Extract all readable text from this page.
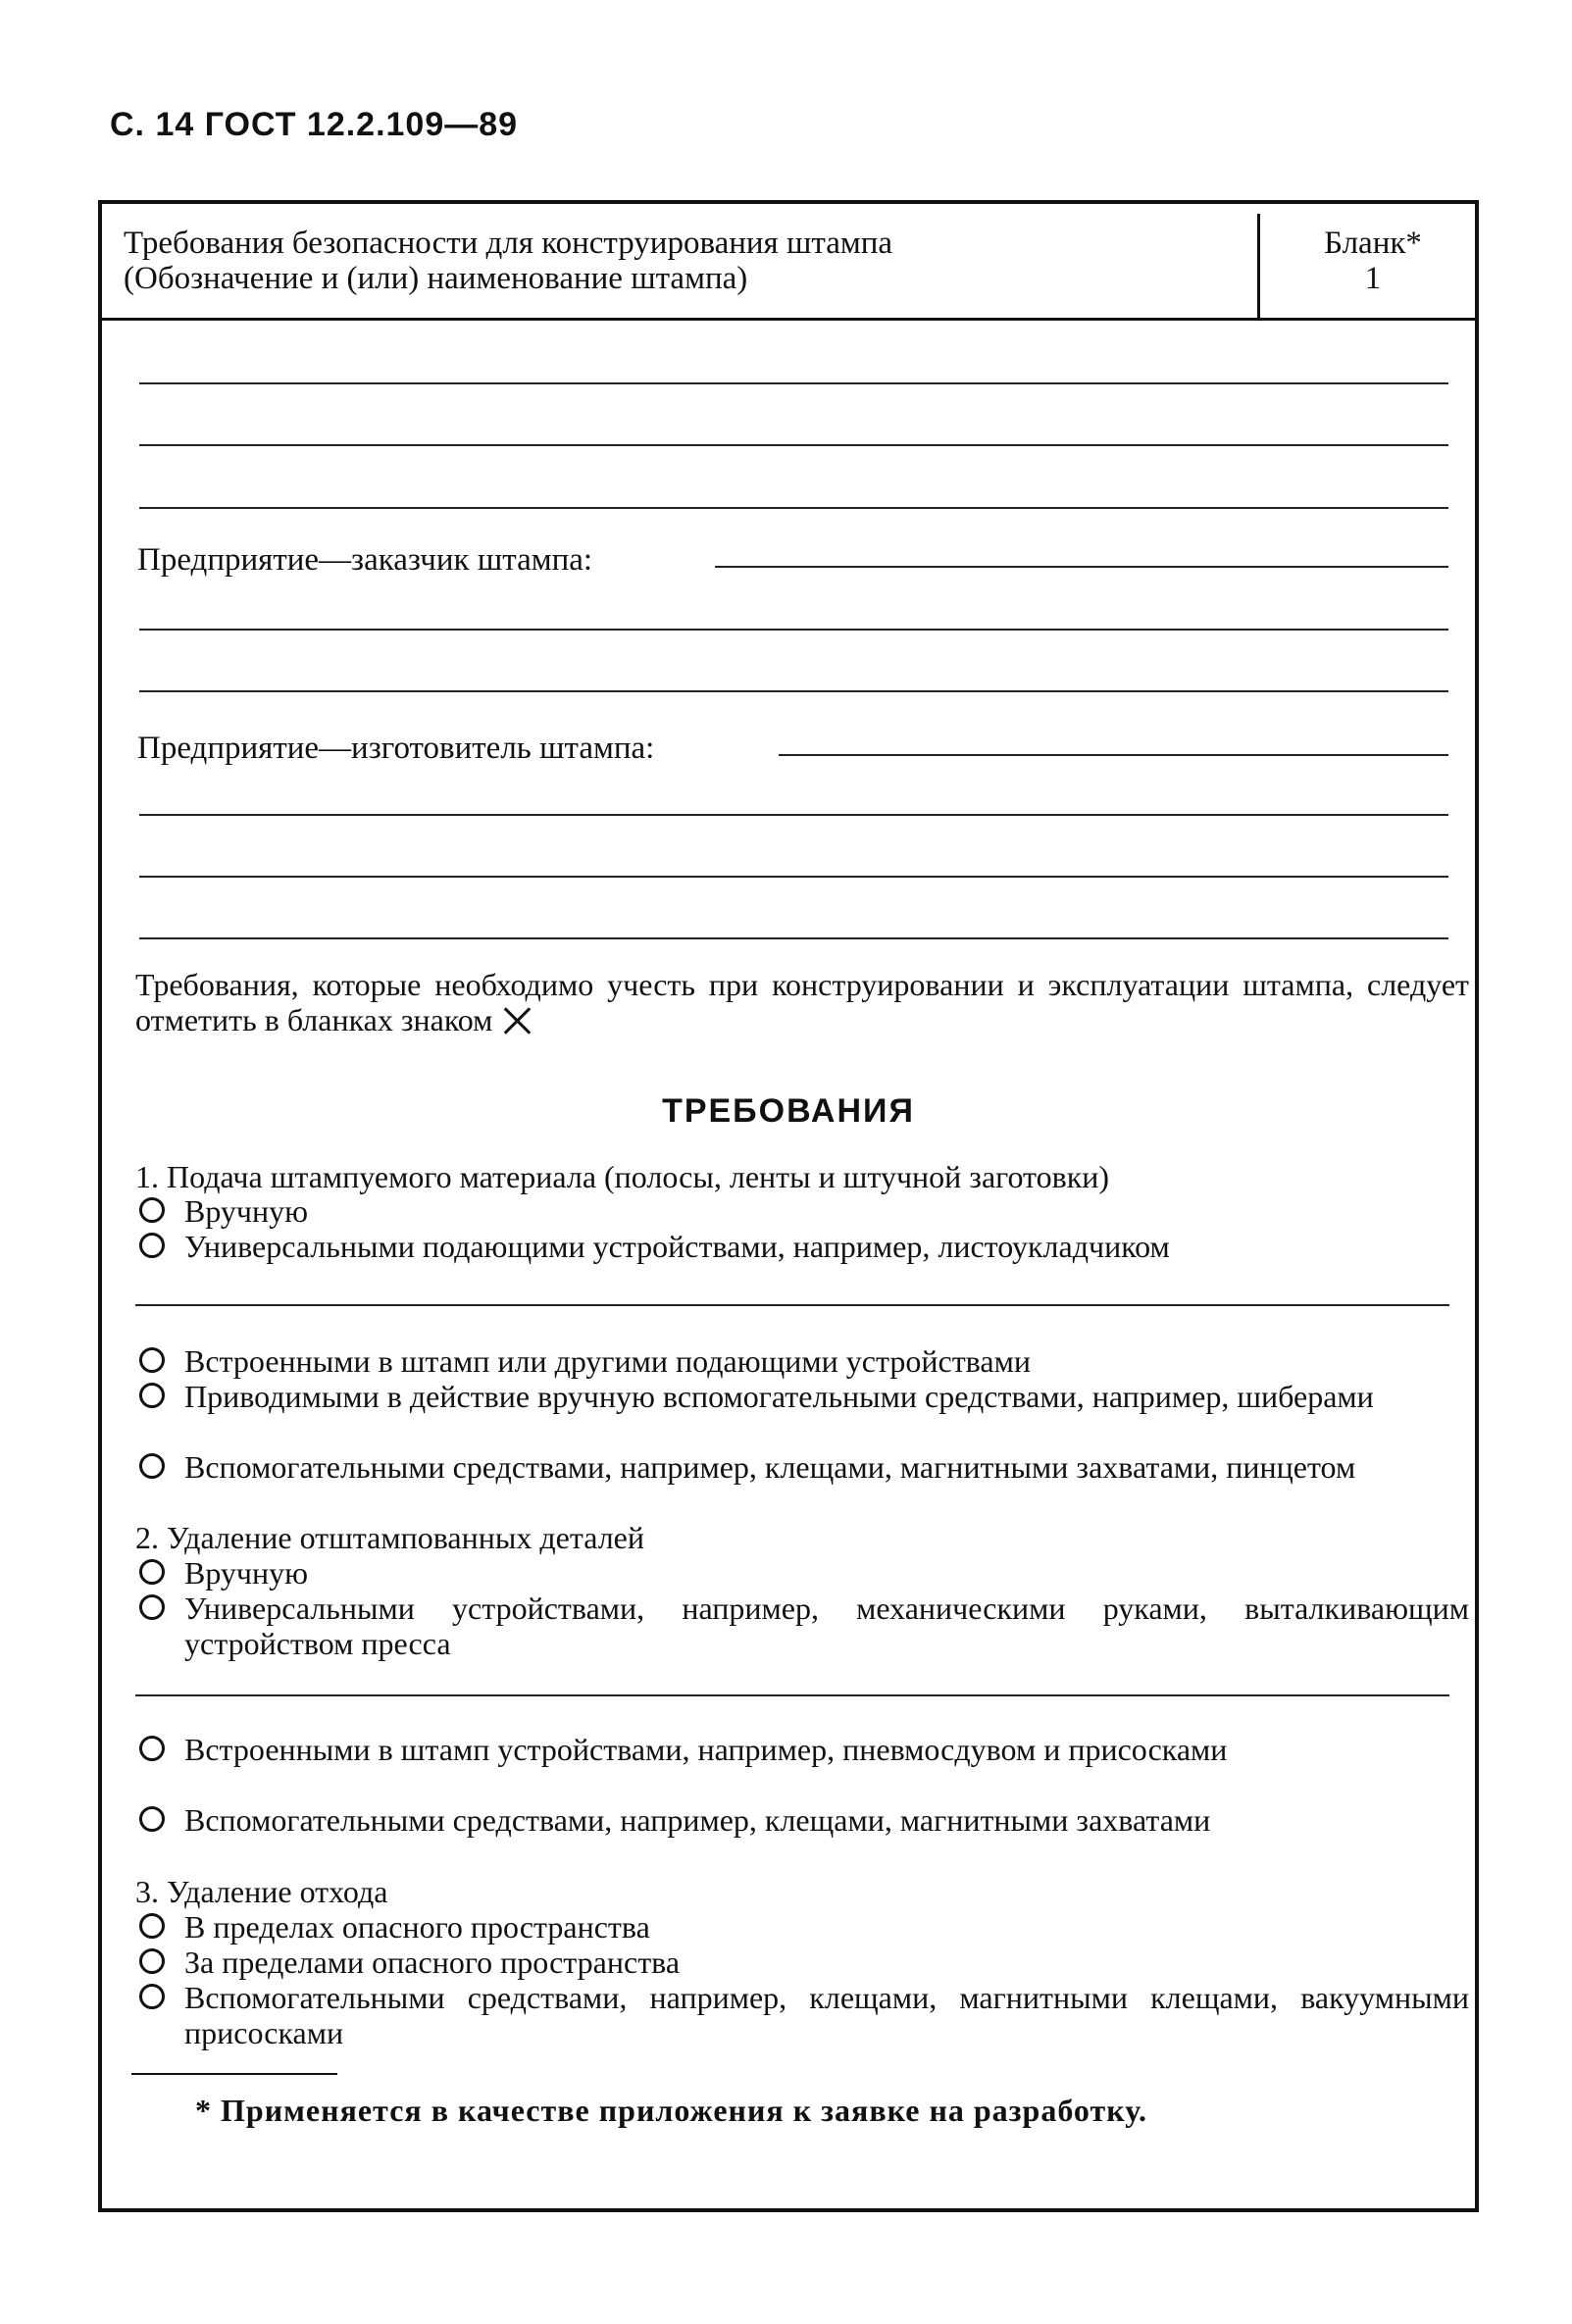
С. 14 ГОСТ 12.2.109—89
Требования безопасности для конструирования штампа
(Обозначение и (или) наименование штампа)
Бланк*
1
Предприятие—заказчик штампа:
Предприятие—изготовитель штампа:
Требования, которые необходимо учесть при конструировании и эксплуатации штампа, следует отметить в бланках знаком
ТРЕБОВАНИЯ
1. Подача штампуемого материала (полосы, ленты и штучной заготовки)
Вручную
Универсальными подающими устройствами, например, листоукладчиком
Встроенными в штамп или другими подающими устройствами
Приводимыми в действие вручную вспомогательными средствами, например, шиберами
Вспомогательными средствами, например, клещами, магнитными захватами, пинцетом
2. Удаление отштампованных деталей
Вручную
Универсальными устройствами, например, механическими руками, выталкивающим устройством пресса
Встроенными в штамп устройствами, например, пневмосдувом и присосками
Вспомогательными средствами, например, клещами, магнитными захватами
3. Удаление отхода
В пределах опасного пространства
За пределами опасного пространства
Вспомогательными средствами, например, клещами, магнитными клещами, вакуумными присосками
* Применяется в качестве приложения к заявке на разработку.
